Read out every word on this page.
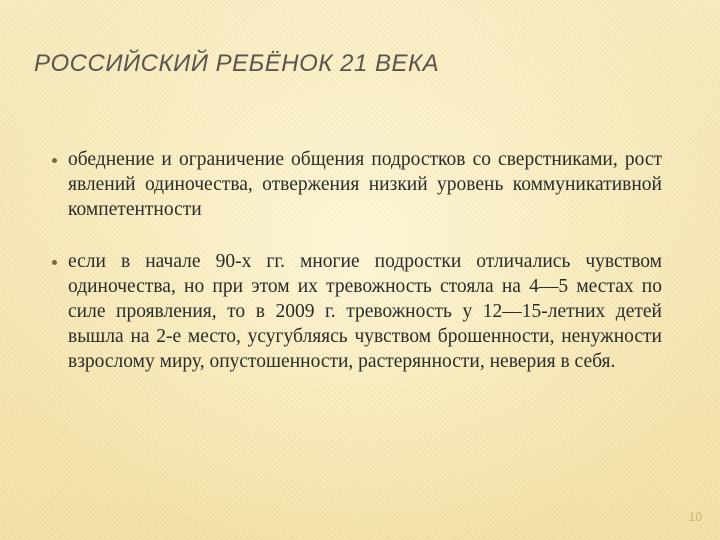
РОССИЙСКИЙ РЕБЁНОК 21 ВЕКА
обеднение и ограничение общения подростков со сверстниками, рост явлений одиночества, отвержения низкий уровень коммуникативной компетентности
если в начале 90-х гг. многие подростки отличались чувством одиночества, но при этом их тревожность стояла на 4—5 местах по силе проявления, то в 2009 г. тревожность у 12—15-летних детей вышла на 2-е место, усугубляясь чувством брошенности, ненужности взрослому миру, опустошенности, растерянности, неверия в себя.
10
